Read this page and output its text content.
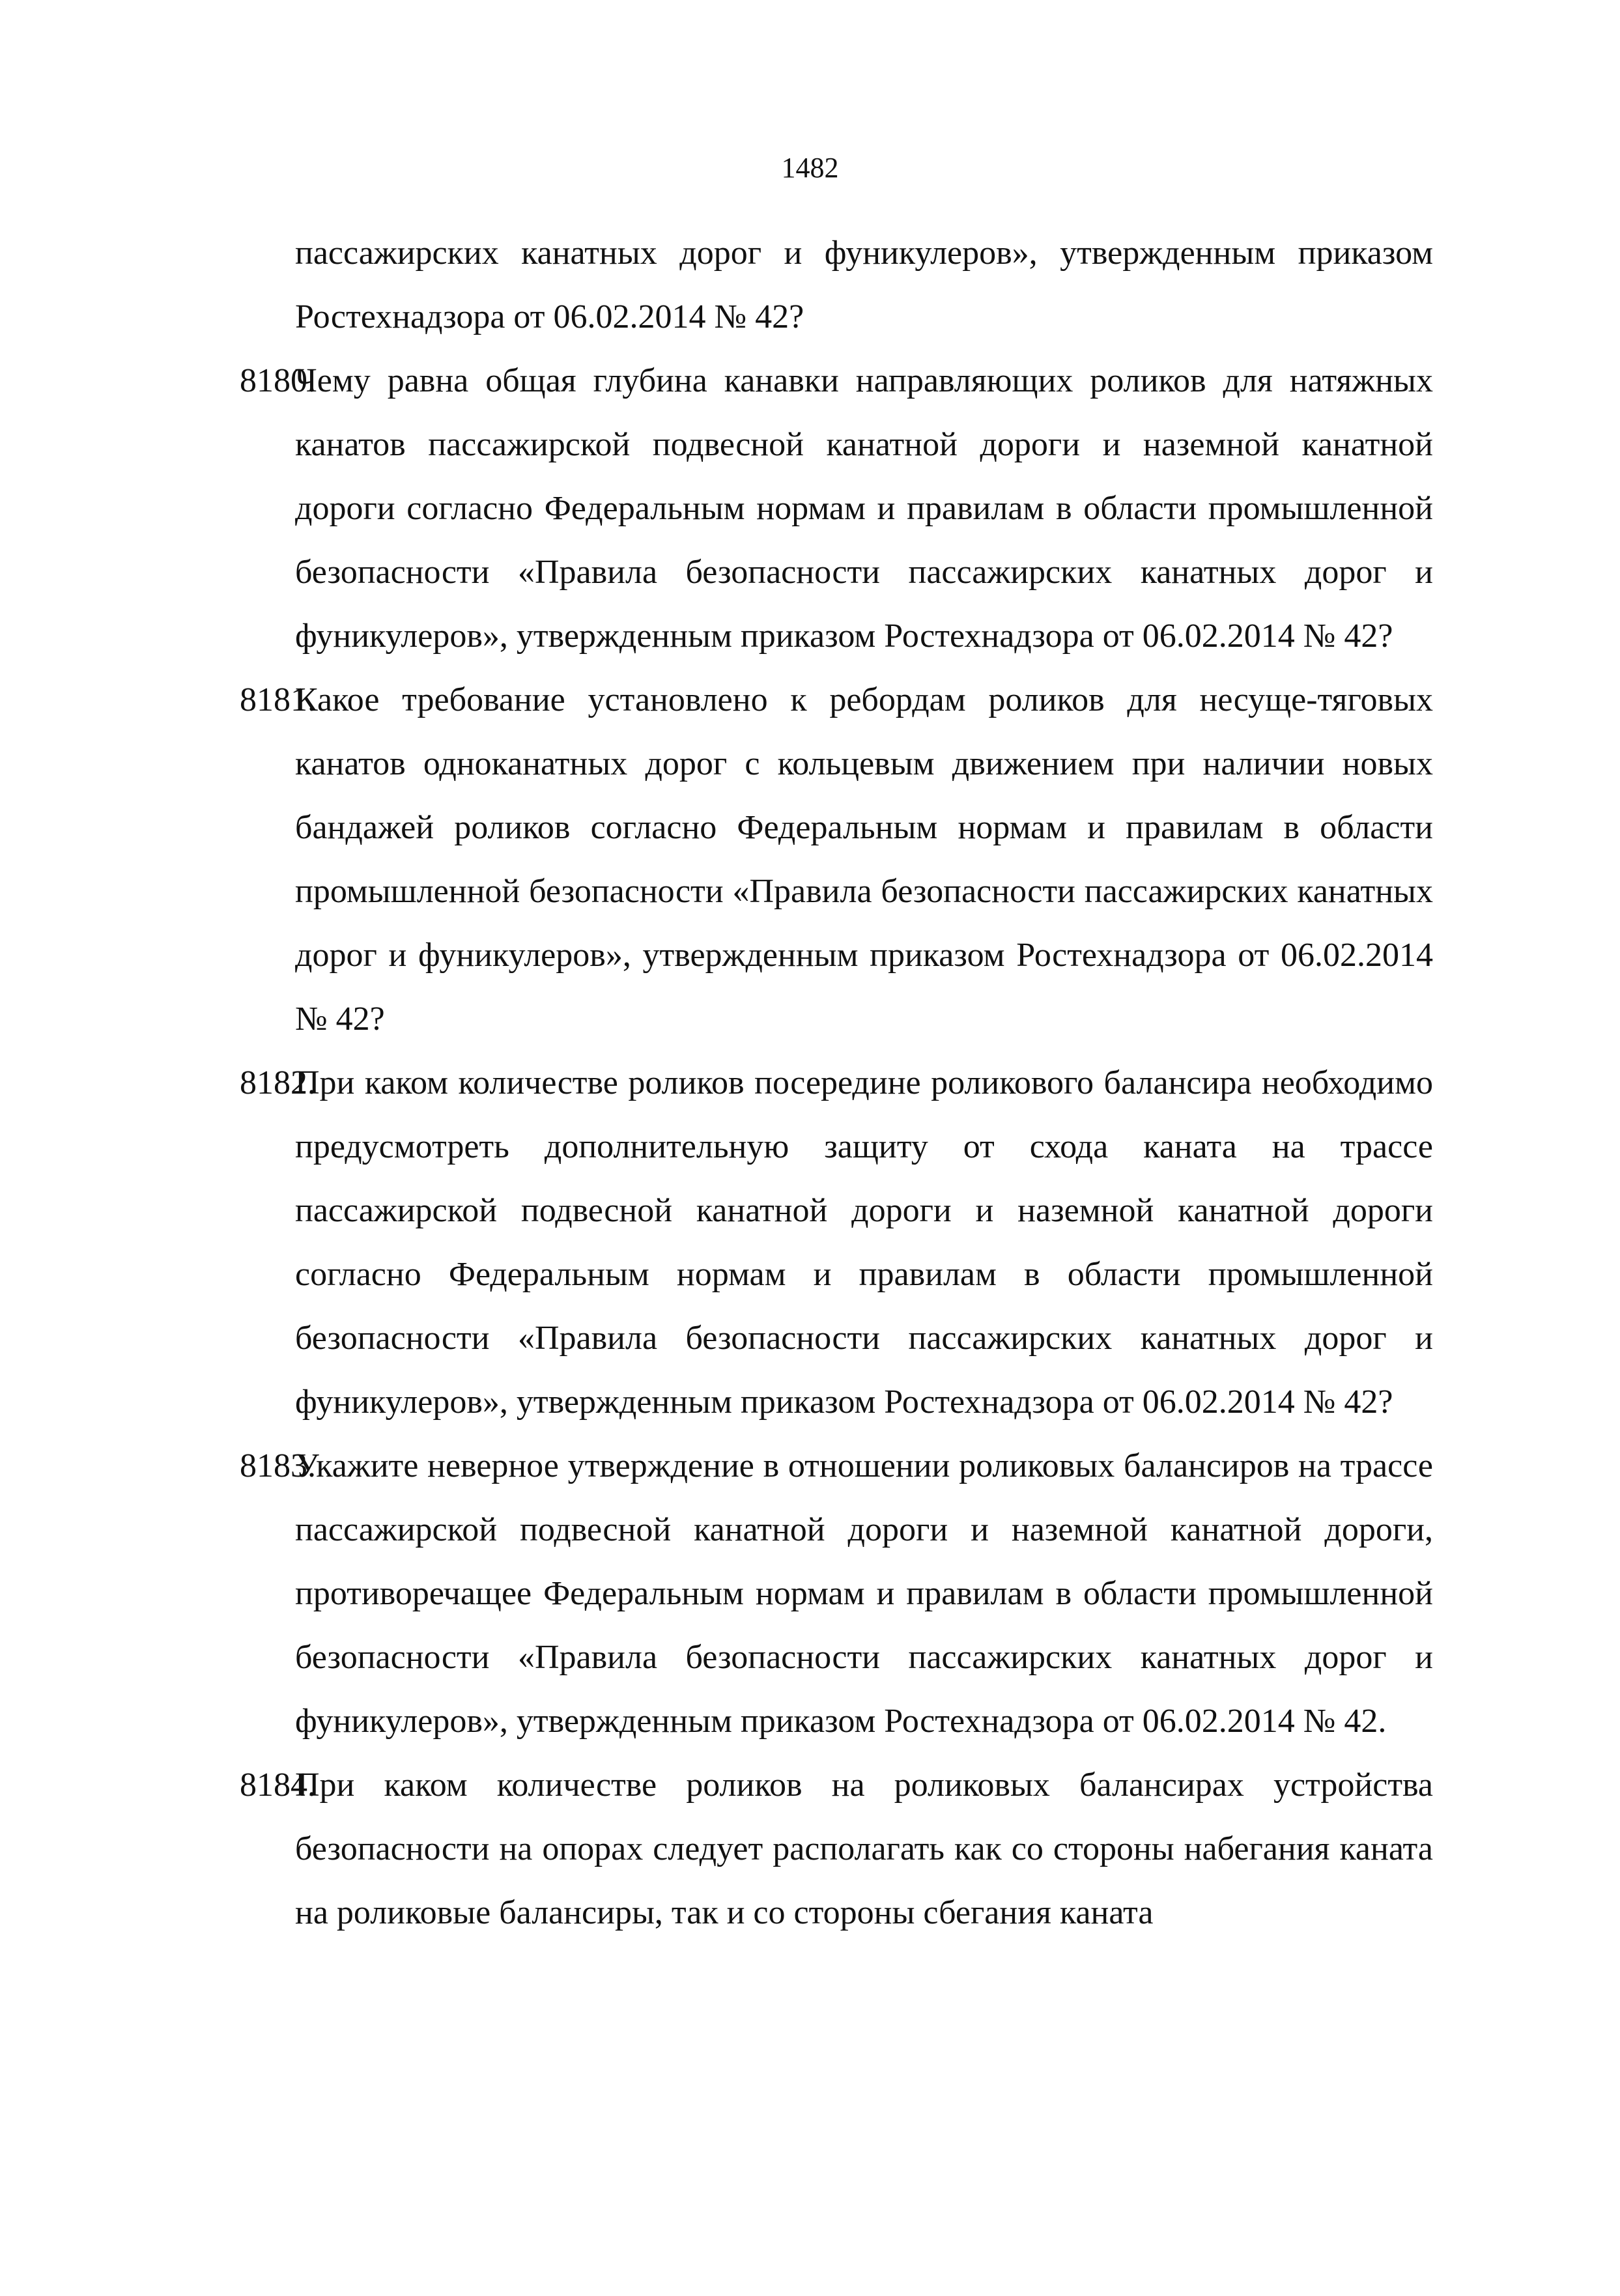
1482
пассажирских канатных дорог и фуникулеров», утвержденным приказом Ростехнадзора от 06.02.2014 № 42?
8180 .
Чему равна общая глубина канавки направляющих роликов для натяжных канатов пассажирской подвесной канатной дороги и наземной канатной дороги согласно Федеральным нормам и правилам в области промышленной безопасности «Правила безопасности пассажирских канатных дорог и фуникулеров», утвержденным приказом Ростехнадзора от 06.02.2014 № 42?
8181 .
Какое требование установлено к ребордам роликов для несуще-тяговых канатов одноканатных дорог с кольцевым движением при наличии новых бандажей роликов согласно Федеральным нормам и правилам в области промышленной безопасности «Правила безопасности пассажирских канатных дорог и фуникулеров», утвержденным приказом Ростехнадзора от 06.02.2014 № 42?
8182 .
При каком количестве роликов посередине роликового балансира необходимо предусмотреть дополнительную защиту от схода каната на трассе пассажирской подвесной канатной дороги и наземной канатной дороги согласно Федеральным нормам и правилам в области промышленной безопасности «Правила безопасности пассажирских канатных дорог и фуникулеров», утвержденным приказом Ростехнадзора от 06.02.2014 № 42?
8183 .
Укажите неверное утверждение в отношении роликовых балансиров на трассе пассажирской подвесной канатной дороги и наземной канатной дороги, противоречащее Федеральным нормам и правилам в области промышленной безопасности «Правила безопасности пассажирских канатных дорог и фуникулеров», утвержденным приказом Ростехнадзора от 06.02.2014 № 42.
8184 .
При каком количестве роликов на роликовых балансирах устройства безопасности на опорах следует располагать как со стороны набегания каната на роликовые балансиры, так и со стороны сбегания каната
